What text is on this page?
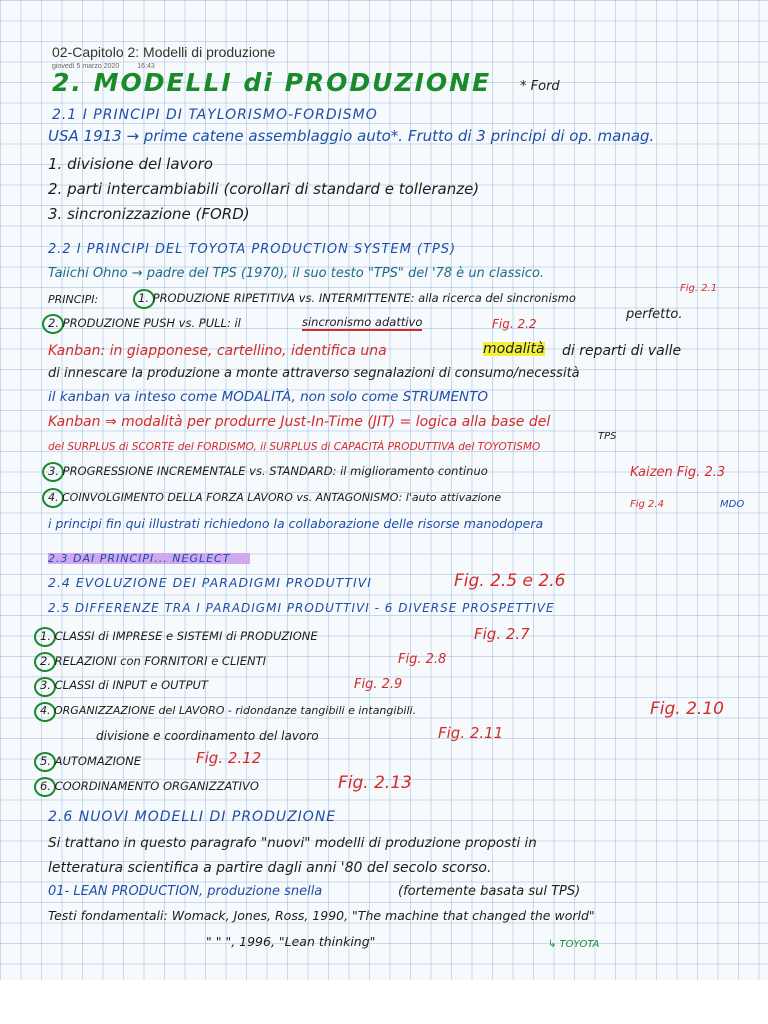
02-Capitolo 2: Modelli di produzione
giovedì 5 marzo 2020	16:43
2. MODELLI di PRODUZIONE * Ford
2.1 I PRINCIPI DI TAYLORISMO-FORDISMO
USA 1913 → prime catene assemblaggio auto*. Frutto di 3 principi di op. manag.
1. divisione del lavoro
2. parti intercambiabili (corollari di standard e tolleranze)
3. sincronizzazione (FORD)
2.2 I PRINCIPI DEL TOYOTA PRODUCTION SYSTEM (TPS)
Taiichi Ohno → padre del TPS (1970), il suo testo "TPS" del '78 è un classico.
PRINCIPI:	1. PRODUZIONE RIPETITIVA vs. INTERMITTENTE: alla ricerca del sincronismo
Fig. 2.1
perfetto.
2. PRODUZIONE PUSH vs. PULL: il	sincronismo adattivo	Fig. 2.2
Kanban: in giapponese, cartellino, identifica una	modalità di reparti di valle
di innescare la produzione a monte attraverso segnalazioni di consumo/necessità
il kanban va inteso come MODALITÀ, non solo come STRUMENTO
Kanban ⇒ modalità per produrre Just-In-Time (JIT) = logica alla base del
TPS
del SURPLUS di SCORTE del FORDISMO, il SURPLUS di CAPACITÀ PRODUTTIVA del TOYOTISMO
3. PROGRESSIONE INCREMENTALE vs. STANDARD: il miglioramento continuo	Kaizen Fig. 2.3
4. COINVOLGIMENTO DELLA FORZA LAVORO vs. ANTAGONISMO: l'auto attivazione
Fig 2.4	MDO
i principi fin qui illustrati richiedono la collaborazione delle risorse manodopera
2.3 DAI PRINCIPI... NEGLECT
2.4 EVOLUZIONE DEI PARADIGMI PRODUTTIVI	Fig. 2.5 e 2.6
2.5 DIFFERENZE TRA I PARADIGMI PRODUTTIVI - 6 DIVERSE PROSPETTIVE
1. CLASSI di IMPRESE e SISTEMI di PRODUZIONE	Fig. 2.7
2. RELAZIONI con FORNITORI e CLIENTI	Fig. 2.8
3. CLASSI di INPUT e OUTPUT	Fig. 2.9
4. ORGANIZZAZIONE del LAVORO - ridondanze tangibili e intangibili.	Fig. 2.10
divisione e coordinamento del lavoro	Fig. 2.11
5. AUTOMAZIONE	Fig. 2.12
6. COORDINAMENTO ORGANIZZATIVO	Fig. 2.13
2.6 NUOVI MODELLI DI PRODUZIONE
Si trattano in questo paragrafo "nuovi" modelli di produzione proposti in
letteratura scientifica a partire dagli anni '80 del secolo scorso.
01- LEAN PRODUCTION, produzione snella	(fortemente basata sul TPS)
Testi fondamentali: Womack, Jones, Ross, 1990, "The machine that changed the world"
" " ", 1996, "Lean thinking"	↳ TOYOTA
